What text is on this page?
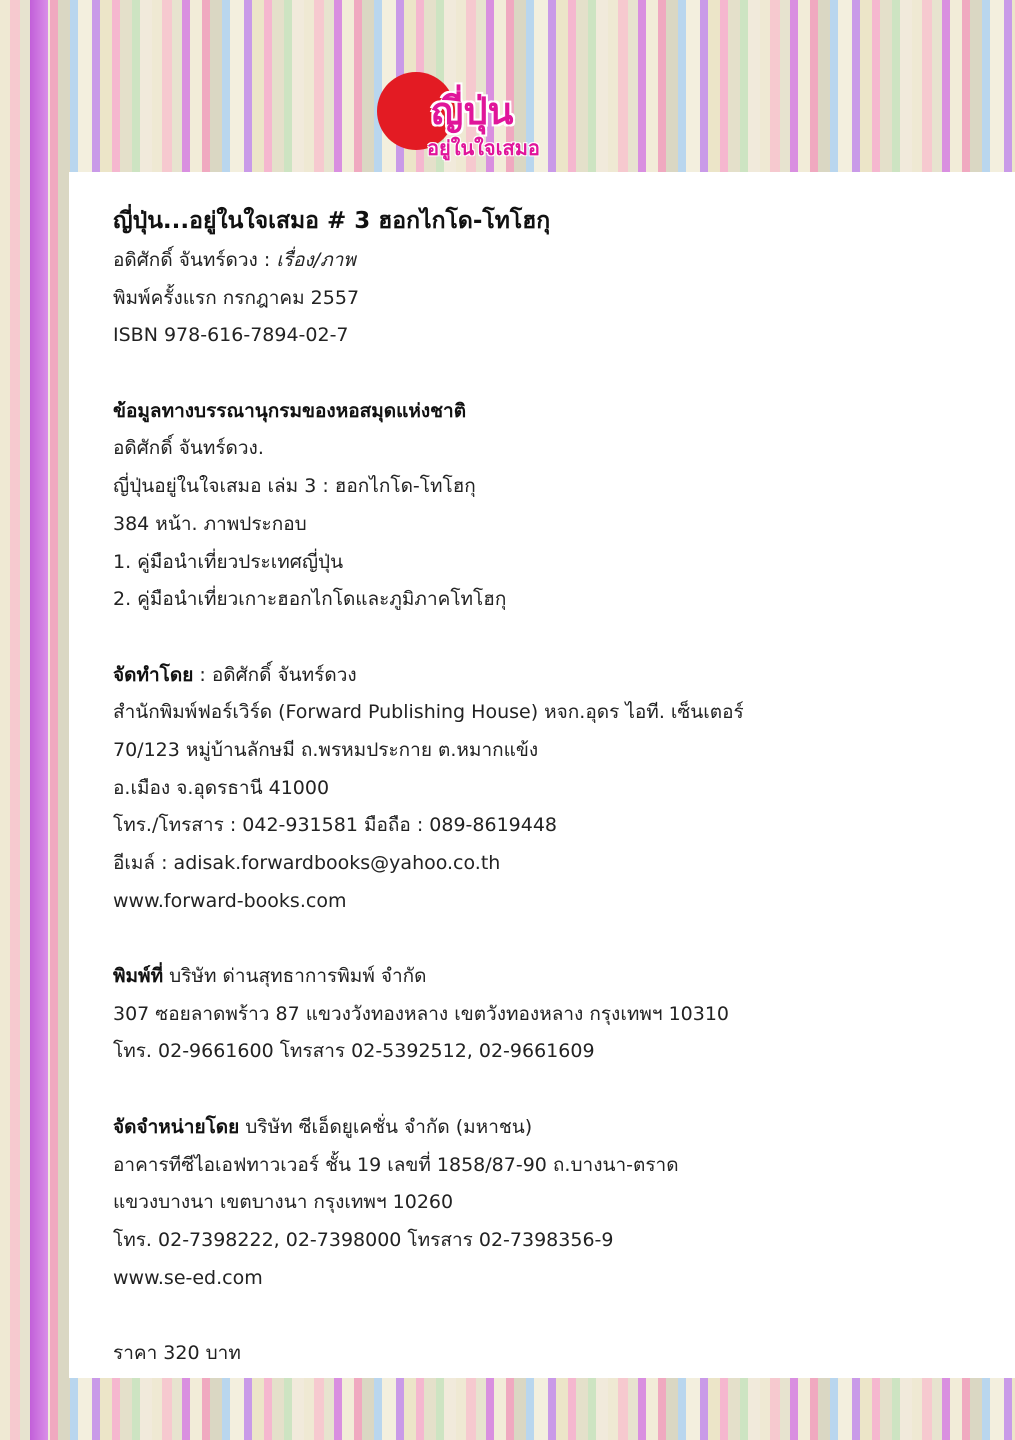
ญี่ปุ่น
อยู่ในใจเสมอ
ญี่ปุ่น...อยู่ในใจเสมอ # 3 ฮอกไกโด-โทโฮกุ
อดิศักดิ์ จันทร์ดวง : เรื่อง/ภาพ
พิมพ์ครั้งแรก กรกฎาคม 2557
ISBN 978-616-7894-02-7
ข้อมูลทางบรรณานุกรมของหอสมุดแห่งชาติ
อดิศักดิ์ จันทร์ดวง.
ญี่ปุ่นอยู่ในใจเสมอ เล่ม 3 : ฮอกไกโด-โทโฮกุ
384 หน้า. ภาพประกอบ
1. คู่มือนำเที่ยวประเทศญี่ปุ่น
2. คู่มือนำเที่ยวเกาะฮอกไกโดและภูมิภาคโทโฮกุ
จัดทำโดย : อดิศักดิ์ จันทร์ดวง
สำนักพิมพ์ฟอร์เวิร์ด (Forward Publishing House) หจก.อุดร ไอที. เซ็นเตอร์
70/123 หมู่บ้านลักษมี ถ.พรหมประกาย ต.หมากแข้ง
อ.เมือง จ.อุดรธานี 41000
โทร./โทรสาร : 042-931581 มือถือ : 089-8619448
อีเมล์ : adisak.forwardbooks@yahoo.co.th
www.forward-books.com
พิมพ์ที่ บริษัท ด่านสุทธาการพิมพ์ จำกัด
307 ซอยลาดพร้าว 87 แขวงวังทองหลาง เขตวังทองหลาง กรุงเทพฯ 10310
โทร. 02-9661600 โทรสาร 02-5392512, 02-9661609
จัดจำหน่ายโดย บริษัท ซีเอ็ดยูเคชั่น จำกัด (มหาชน)
อาคารทีซีไอเอฟทาวเวอร์ ชั้น 19 เลขที่ 1858/87-90 ถ.บางนา-ตราด
แขวงบางนา เขตบางนา กรุงเทพฯ 10260
โทร. 02-7398222, 02-7398000 โทรสาร 02-7398356-9
www.se-ed.com
ราคา 320 บาท
